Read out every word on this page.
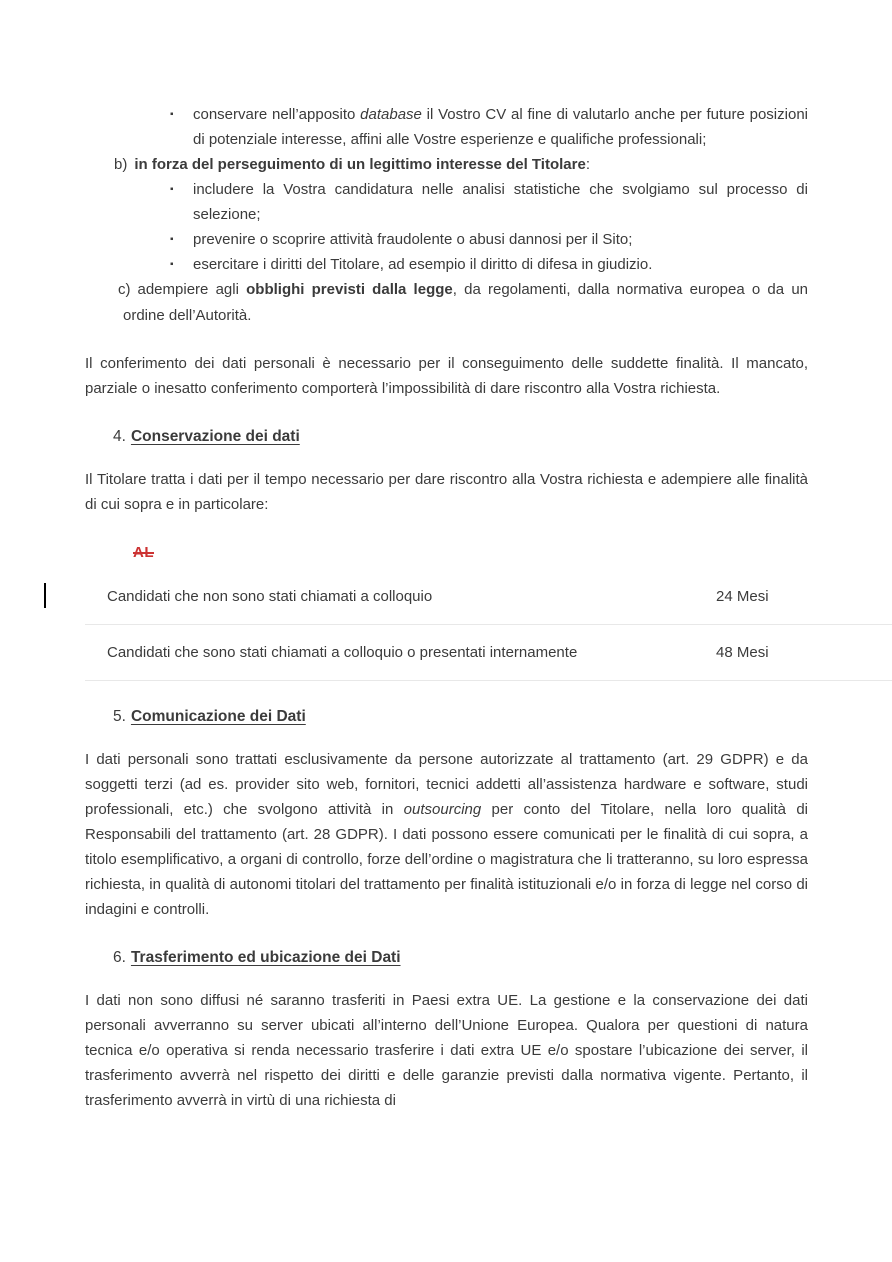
▪	conservare nell’apposito database il Vostro CV al fine di valutarlo anche per future posizioni di potenziale interesse, affini alle Vostre esperienze e qualifiche professionali;
b) in forza del perseguimento di un legittimo interesse del Titolare:
▪	includere la Vostra candidatura nelle analisi statistiche che svolgiamo sul processo di selezione;
▪	prevenire o scoprire attività fraudolente o abusi dannosi per il Sito;
▪	esercitare i diritti del Titolare, ad esempio il diritto di difesa in giudizio.
c) adempiere agli obblighi previsti dalla legge, da regolamenti, dalla normativa europea o da un ordine dell’Autorità.

Il conferimento dei dati personali è necessario per il conseguimento delle suddette finalità. Il mancato, parziale o inesatto conferimento comporterà l’impossibilità di dare riscontro alla Vostra richiesta.

4. Conservazione dei dati

Il Titolare tratta i dati per il tempo necessario per dare riscontro alla Vostra richiesta e adempiere alle finalità di cui sopra e in particolare:

AL
Candidati che non sono stati chiamati a colloquio	24 Mesi
Candidati che sono stati chiamati a colloquio o presentati internamente	48 Mesi
5. Comunicazione dei Dati

I dati personali sono trattati esclusivamente da persone autorizzate al trattamento (art. 29 GDPR) e da soggetti terzi (ad es. provider sito web, fornitori, tecnici addetti all’assistenza hardware e software, studi professionali, etc.) che svolgono attività in outsourcing per conto del Titolare, nella loro qualità di Responsabili del trattamento (art. 28 GDPR). I dati possono essere comunicati per le finalità di cui sopra, a titolo esemplificativo, a organi di controllo, forze dell’ordine o magistratura che li tratteranno, su loro espressa richiesta, in qualità di autonomi titolari del trattamento per finalità istituzionali e/o in forza di legge nel corso di indagini e controlli.

6. Trasferimento ed ubicazione dei Dati

I dati non sono diffusi né saranno trasferiti in Paesi extra UE. La gestione e la conservazione dei dati personali avverranno su server ubicati all’interno dell’Unione Europea. Qualora per questioni di natura tecnica e/o operativa si renda necessario trasferire i dati extra UE e/o spostare l’ubicazione dei server, il trasferimento avverrà nel rispetto dei diritti e delle garanzie previsti dalla normativa vigente. Pertanto, il trasferimento avverrà in virtù di una richiesta di
